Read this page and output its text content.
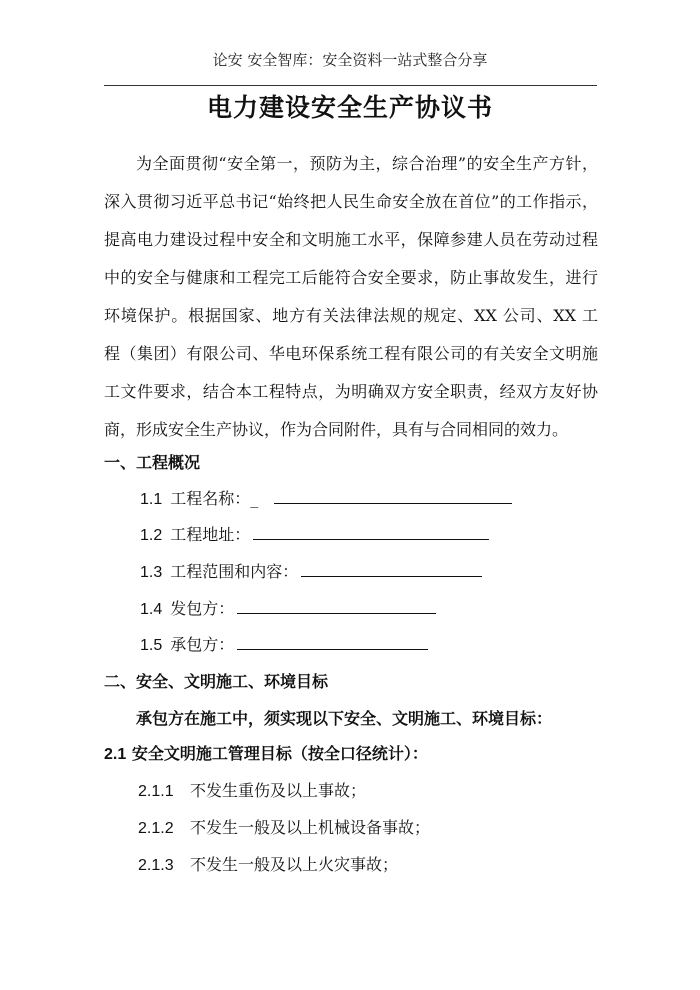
论安 安全智库：安全资料一站式整合分享
电力建设安全生产协议书
为全面贯彻“安全第一，预防为主，综合治理”的安全生产方针，
深入贯彻习近平总书记“始终把人民生命安全放在首位”的工作指示，
提高电力建设过程中安全和文明施工水平，保障参建人员在劳动过程
中的安全与健康和工程完工后能符合安全要求，防止事故发生，进行
环境保护。根据国家、地方有关法律法规的规定、XX 公司、XX 工
程（集团）有限公司、华电环保系统工程有限公司的有关安全文明施
工文件要求，结合本工程特点，为明确双方安全职责，经双方友好协
商，形成安全生产协议，作为合同附件，具有与合同相同的效力。
一、工程概况
1.1 工程名称：_
1.2 工程地址：
1.3 工程范围和内容：
1.4 发包方：
1.5 承包方：
二、安全、文明施工、环境目标
承包方在施工中，须实现以下安全、文明施工、环境目标：
2.1 安全文明施工管理目标（按全口径统计）：
2.1.1 不发生重伤及以上事故；
2.1.2 不发生一般及以上机械设备事故；
2.1.3 不发生一般及以上火灾事故；
